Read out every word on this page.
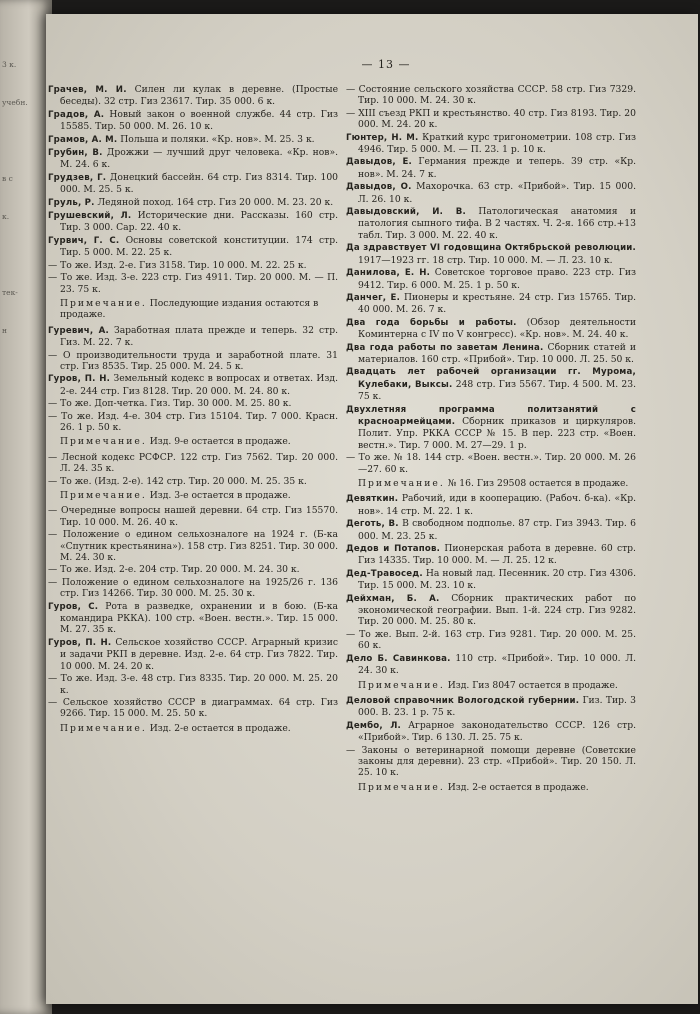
3 к.
учебн.
в с
к.
тек-
н
— 13 —
Грачев, М. И. Силен ли кулак в деревне. (Простые беседы). 32 стр. Гиз 23617. Тир. 35 000. 6 к.
Градов, А. Новый закон о военной службе. 44 стр. Гиз 15585. Тир. 50 000. М. 26. 10 к.
Грамов, А. М. Польша и поляки. «Кр. нов». М. 25. 3 к.
Грубин, В. Дрожжи — лучший друг человека. «Кр. нов». М. 24. 6 к.
Грудзев, Г. Донецкий бассейн. 64 стр. Гиз 8314. Тир. 100 000. М. 25. 5 к.
Груль, Р. Ледяной поход. 164 стр. Гиз 20 000. М. 23. 20 к.
Грушевский, Л. Исторические дни. Рассказы. 160 стр. Тир. 3 000. Сар. 22. 40 к.
Гурвич, Г. С. Основы советской конституции. 174 стр. Тир. 5 000. М. 22. 25 к.
— То же. Изд. 2-е. Гиз 3158. Тир. 10 000. М. 22. 25 к.
— То же. Изд. 3-е. 223 стр. Гиз 4911. Тир. 20 000. М. — П. 23. 75 к.
Примечание. Последующие издания остаются в продаже.
Гуревич, А. Заработная плата прежде и теперь. 32 стр. Гиз. М. 22. 7 к.
— О производительности труда и заработной плате. 31 стр. Гиз 8535. Тир. 25 000. М. 24. 5 к.
Гуров, П. Н. Земельный кодекс в вопросах и ответах. Изд. 2-е. 244 стр. Гиз 8128. Тир. 20 000. М. 24. 80 к.
— То же. Доп-четка. Гиз. Тир. 30 000. М. 25. 80 к.
— То же. Изд. 4-е. 304 стр. Гиз 15104. Тир. 7 000. Красн. 26. 1 р. 50 к.
Примечание. Изд. 9-е остается в продаже.
— Лесной кодекс РСФСР. 122 стр. Гиз 7562. Тир. 20 000. Л. 24. 35 к.
— То же. (Изд. 2-е). 142 стр. Тир. 20 000. М. 25. 35 к.
Примечание. Изд. 3-е остается в продаже.
— Очередные вопросы нашей деревни. 64 стр. Гиз 15570. Тир. 10 000. М. 26. 40 к.
— Положение о едином сельхозналоге на 1924 г. (Б-ка «Спутник крестьянина»). 158 стр. Гиз 8251. Тир. 30 000. М. 24. 30 к.
— То же. Изд. 2-е. 204 стр. Тир. 20 000. М. 24. 30 к.
— Положение о едином сельхозналоге на 1925/26 г. 136 стр. Гиз 14266. Тир. 30 000. М. 25. 30 к.
Гуров, С. Рота в разведке, охранении и в бою. (Б-ка командира РККА). 100 стр. «Воен. вестн.». Тир. 15 000. М. 27. 35 к.
Гуров, П. Н. Сельское хозяйство СССР. Аграрный кризис и задачи РКП в деревне. Изд. 2-е. 64 стр. Гиз 7822. Тир. 10 000. М. 24. 20 к.
— То же. Изд. 3-е. 48 стр. Гиз 8335. Тир. 20 000. М. 25. 20 к.
— Сельское хозяйство СССР в диаграммах. 64 стр. Гиз 9266. Тир. 15 000. М. 25. 50 к.
Примечание. Изд. 2-е остается в продаже.
— Состояние сельского хозяйства СССР. 58 стр. Гиз 7329. Тир. 10 000. М. 24. 30 к.
— XIII съезд РКП и крестьянство. 40 стр. Гиз 8193. Тир. 20 000. М. 24. 20 к.
Гюнтер, Н. М. Краткий курс тригонометрии. 108 стр. Гиз 4946. Тир. 5 000. М. — П. 23. 1 р. 10 к.
Давыдов, Е. Германия прежде и теперь. 39 стр. «Кр. нов». М. 24. 7 к.
Давыдов, О. Махорочка. 63 стр. «Прибой». Тир. 15 000. Л. 26. 10 к.
Давыдовский, И. В. Патологическая анатомия и патология сыпного тифа. В 2 частях. Ч. 2-я. 166 стр.+13 табл. Тир. 3 000. М. 22. 40 к.
Да здравствует VI годовщина Октябрьской революции. 1917—1923 гг. 18 стр. Тир. 10 000. М. — Л. 23. 10 к.
Данилова, Е. Н. Советское торговое право. 223 стр. Гиз 9412. Тир. 6 000. М. 25. 1 р. 50 к.
Данчег, Е. Пионеры и крестьяне. 24 стр. Гиз 15765. Тир. 40 000. М. 26. 7 к.
Два года борьбы и работы. (Обзор деятельности Коминтерна с IV по V конгресс). «Кр. нов». М. 24. 40 к.
Два года работы по заветам Ленина. Сборник статей и материалов. 160 стр. «Прибой». Тир. 10 000. Л. 25. 50 к.
Двадцать лет рабочей организации гг. Мурома, Кулебаки, Выксы. 248 стр. Гиз 5567. Тир. 4 500. М. 23. 75 к.
Двухлетняя программа политзанятий с красноармейцами. Сборник приказов и циркуляров. Полит. Упр. РККА СССР № 15. В пер. 223 стр. «Воен. вестн.». Тир. 7 000. М. 27—29. 1 р.
— То же. № 18. 144 стр. «Воен. вестн.». Тир. 20 000. М. 26—27. 60 к.
Примечание. № 16. Гиз 29508 остается в продаже.
Девяткин. Рабочий, иди в кооперацию. (Рабоч. б-ка). «Кр. нов». 14 стр. М. 22. 1 к.
Деготь, В. В свободном подполье. 87 стр. Гиз 3943. Тир. 6 000. М. 23. 25 к.
Дедов и Потапов. Пионерская работа в деревне. 60 стр. Гиз 14335. Тир. 10 000. М. — Л. 25. 12 к.
Дед-Травосед. На новый лад. Песенник. 20 стр. Гиз 4306. Тир. 15 000. М. 23. 10 к.
Дейхман, Б. А. Сборник практических работ по экономической географии. Вып. 1-й. 224 стр. Гиз 9282. Тир. 20 000. М. 25. 80 к.
— То же. Вып. 2-й. 163 стр. Гиз 9281. Тир. 20 000. М. 25. 60 к.
Дело Б. Савинкова. 110 стр. «Прибой». Тир. 10 000. Л. 24. 30 к.
Примечание. Изд. Гиз 8047 остается в продаже.
Деловой справочник Вологодской губернии. Гиз. Тир. 3 000. В. 23. 1 р. 75 к.
Дембо, Л. Аграрное законодательство СССР. 126 стр. «Прибой». Тир. 6 130. Л. 25. 75 к.
— Законы о ветеринарной помощи деревне (Советские законы для деревни). 23 стр. «Прибой». Тир. 20 150. Л. 25. 10 к.
Примечание. Изд. 2-е остается в продаже.
